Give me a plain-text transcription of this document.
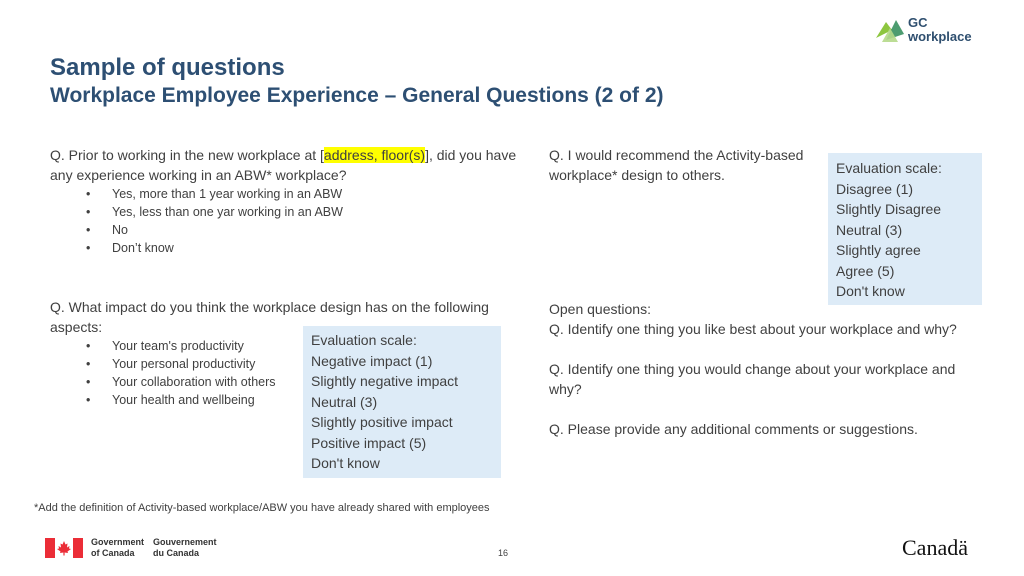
GC
workplace
Sample of questions
Workplace Employee Experience – General Questions (2 of 2)
Q. Prior to working in the new workplace at [address, floor(s)], did you have any experience working in an ABW* workplace?
• Yes, more than 1 year working in an ABW
• Yes, less than one yar working in an ABW
• No
• Don’t know
Q. What impact do you think the workplace design has on the following aspects:
• Your team's productivity
• Your personal productivity
• Your collaboration with others
• Your health and wellbeing
Evaluation scale:
Negative impact (1)
Slightly negative impact
Neutral (3)
Slightly positive impact
Positive impact (5)
Don't know
Q. I would recommend the Activity-based workplace* design to others.	Evaluation scale:
Disagree (1)
Slightly Disagree
Neutral (3)
Slightly agree
Agree (5)
Don't know
Open questions:
Q. Identify one thing you like best about your workplace and why?
Q. Identify one thing you would change about your workplace and why?
Q. Please provide any additional comments or suggestions.
*Add the definition of Activity-based workplace/ABW you have already shared with employees
Government
of Canada
Gouvernement
du Canada	16	Canadä
